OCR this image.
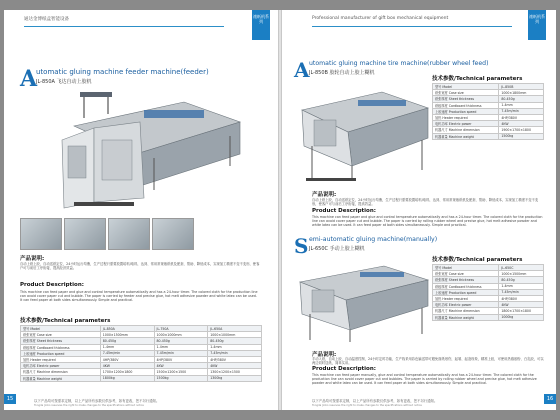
通达金博纸盒智能设备
裱纸机系列
A
utomatic gluing machine feeder machine(feeder)
JL-850A 飞达自动上胶机
产品说明:
自动上纸上胶，自动送纸定位，24小时运行均衡，生产过程只需要放置给料/取料，达到、常用常规裱纸机及配套，帮助、降低成本，实现加工精度不变不变形，使客户可与前后工序衔接，提高经济效益。
Product Description:
This machine can feed paper and glue and control temperature automatically and has a 24-hour timer. The colored cloth for the production line can avoid cover paper cut and bubble. The paper is carried by feeder and precise glue, hot melt adhesive powder and white latex can be used. It can feed paper at both sides simultaneously. Simple and practical.
技术参数/Technical parameters
型号 Model	JL-850A	JL-750A	JL-650A
纸张宽度 Case size	1000×1500mm	1000×1000mm	1000×1000mm
纸张厚度 Sheet thickness	80-450g	80-450g	80-450g
纸板厚度 Cardboard thickness	1-4mm	1-4mm	1-4mm
上胶速度 Production speed	7-45m/min	7-45m/min	7-45m/min
加热 Heater required	4HP/380V	4HP/380V	4HP/380V
电机功率 Electric power	4KW	4KW	4KW
机器尺寸 Machine dimension	1700×1200×1800	1500×1200×1500	1300×1200×1500
机器重量 Machine weight	1800kg	1500kg	1300kg
15	以下产品均可按需求定制，以上产品所有参数仅供参考，如有更改，恕不另行通知。
Tongda Jinbo reserves the right to make changes to the specifications without notice
Professional manufacturer of gift box mechanical equipment	裱纸机系列
A utomatic gluing machine tire machine(rubber wheel feed)
JL-850B 胶轮自动上胶上糊机
技术参数/Technical parameters
型号 Model	JL-850B
纸张宽度 Case size	1000×1800mm
纸张厚度 Sheet thickness	80-450g
纸板厚度 Cardboard thickness	1-4mm
上胶速度 Production speed	7-45m/min
加热 Heater required	4HP/380V
电机功率 Electric power	4KW
机器尺寸 Machine dimension	1900×1700×1800
机器重量 Machine weight	1500kg
产品说明:
自动上纸上胶，自动送纸定位，24小时运行均衡，生产过程只需要放置给料/取料，达到、常用常规裱纸机及配套，帮助、降低成本，实现加工精度不变不变形，使客户可与前后工序衔接，提高效益。
Product Description:
This machine can feed paper and glue and control temperature automatically and has a 24-hour timer. The colored cloth for the production line can avoid cover paper cut and bubble. The paper is carried by rolling rubber wheel and precise glue, hot melt adhesive powder and white latex can be used. It can feed paper at both sides simultaneously. Simple and practical.
S emi-automatic gluing machine(manually)
JL-650C 手动上胶上糊机
技术参数/Technical parameters
型号 Model	JL-650C
纸张宽度 Case size	1000×1500mm
纸张厚度 Sheet thickness	80-450g
纸板厚度 Cardboard thickness	1-4mm
上胶速度 Production speed	7-45m/min
加热 Heater required	4HP/380V
电机功率 Electric power	4KW
机器尺寸 Machine dimension	1800×1700×1800
机器重量 Machine weight	1000kg
产品说明:
手动入纸，自动上胶，自动温度控制，24小时定时功能，生产线采用彩色输送带可避免面纸划伤，起皱、起泡现象，精准上胶，可使用热熔胶粉、白乳胶，可以两边同时送纸，简单实用。
Product Description:
This machine can feed paper manually, glue and control temperature automatically and has a 24-hour timer. The colored cloth for the production line can avoid cover paper cut and bubbles. The paper is carried by rolling rubber wheel and precise glue, hot melt adhesive powder and white latex can be used. It can feed paper at both sides simultaneously. Simple and practical.
16
以下产品均可按需求定制，以上产品所有参数仅供参考，如有更改，恕不另行通知。
Tongda Jinbo reserves the right to make changes to the specifications without notice
